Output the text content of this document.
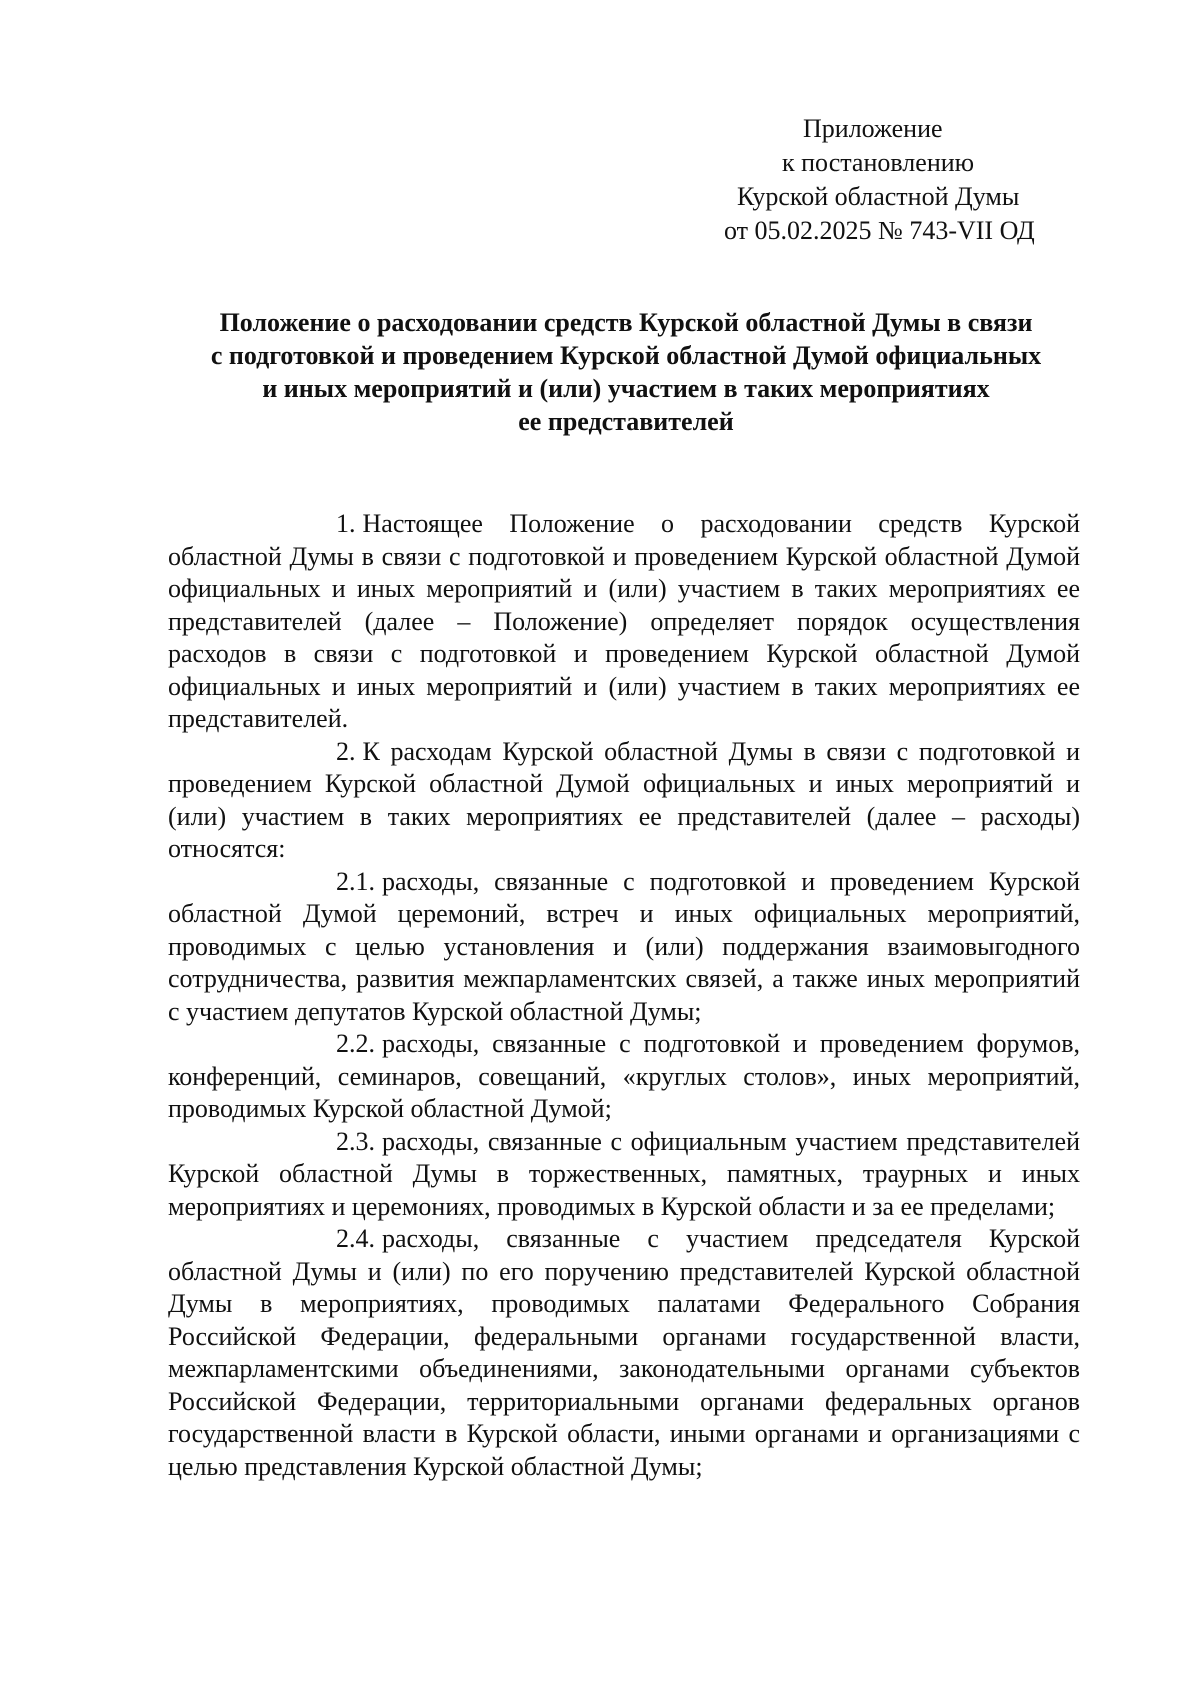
Приложение
к постановлению
Курской областной Думы
от 05.02.2025 № 743-VII ОД
Положение о расходовании средств Курской областной Думы в связи
с подготовкой и проведением Курской областной Думой официальных
и иных мероприятий и (или) участием в таких мероприятиях
ее представителей

1. Настоящее Положение о расходовании средств Курской областной Думы в связи с подготовкой и проведением Курской областной Думой официальных и иных мероприятий и (или) участием в таких мероприятиях ее представителей (далее – Положение) определяет порядок осуществления расходов в связи с подготовкой и проведением Курской областной Думой официальных и иных мероприятий и (или) участием в таких мероприятиях ее представителей.

2. К расходам Курской областной Думы в связи с подготовкой и проведением Курской областной Думой официальных и иных мероприятий и (или) участием в таких мероприятиях ее представителей (далее – расходы) относятся:

2.1. расходы, связанные с подготовкой и проведением Курской областной Думой церемоний, встреч и иных официальных мероприятий, проводимых с целью установления и (или) поддержания взаимовыгодного сотрудничества, развития межпарламентских связей, а также иных мероприятий с участием депутатов Курской областной Думы;

2.2. расходы, связанные с подготовкой и проведением форумов, конференций, семинаров, совещаний, «круглых столов», иных мероприятий, проводимых Курской областной Думой;

2.3. расходы, связанные с официальным участием представителей Курской областной Думы в торжественных, памятных, траурных и иных мероприятиях и церемониях, проводимых в Курской области и за ее пределами;

2.4. расходы, связанные с участием председателя Курской областной Думы и (или) по его поручению представителей Курской областной Думы в мероприятиях, проводимых палатами Федерального Собрания Российской Федерации, федеральными органами государственной власти, межпарламентскими объединениями, законодательными органами субъектов Российской Федерации, территориальными органами федеральных органов государственной власти в Курской области, иными органами и организациями с целью представления Курской областной Думы;
